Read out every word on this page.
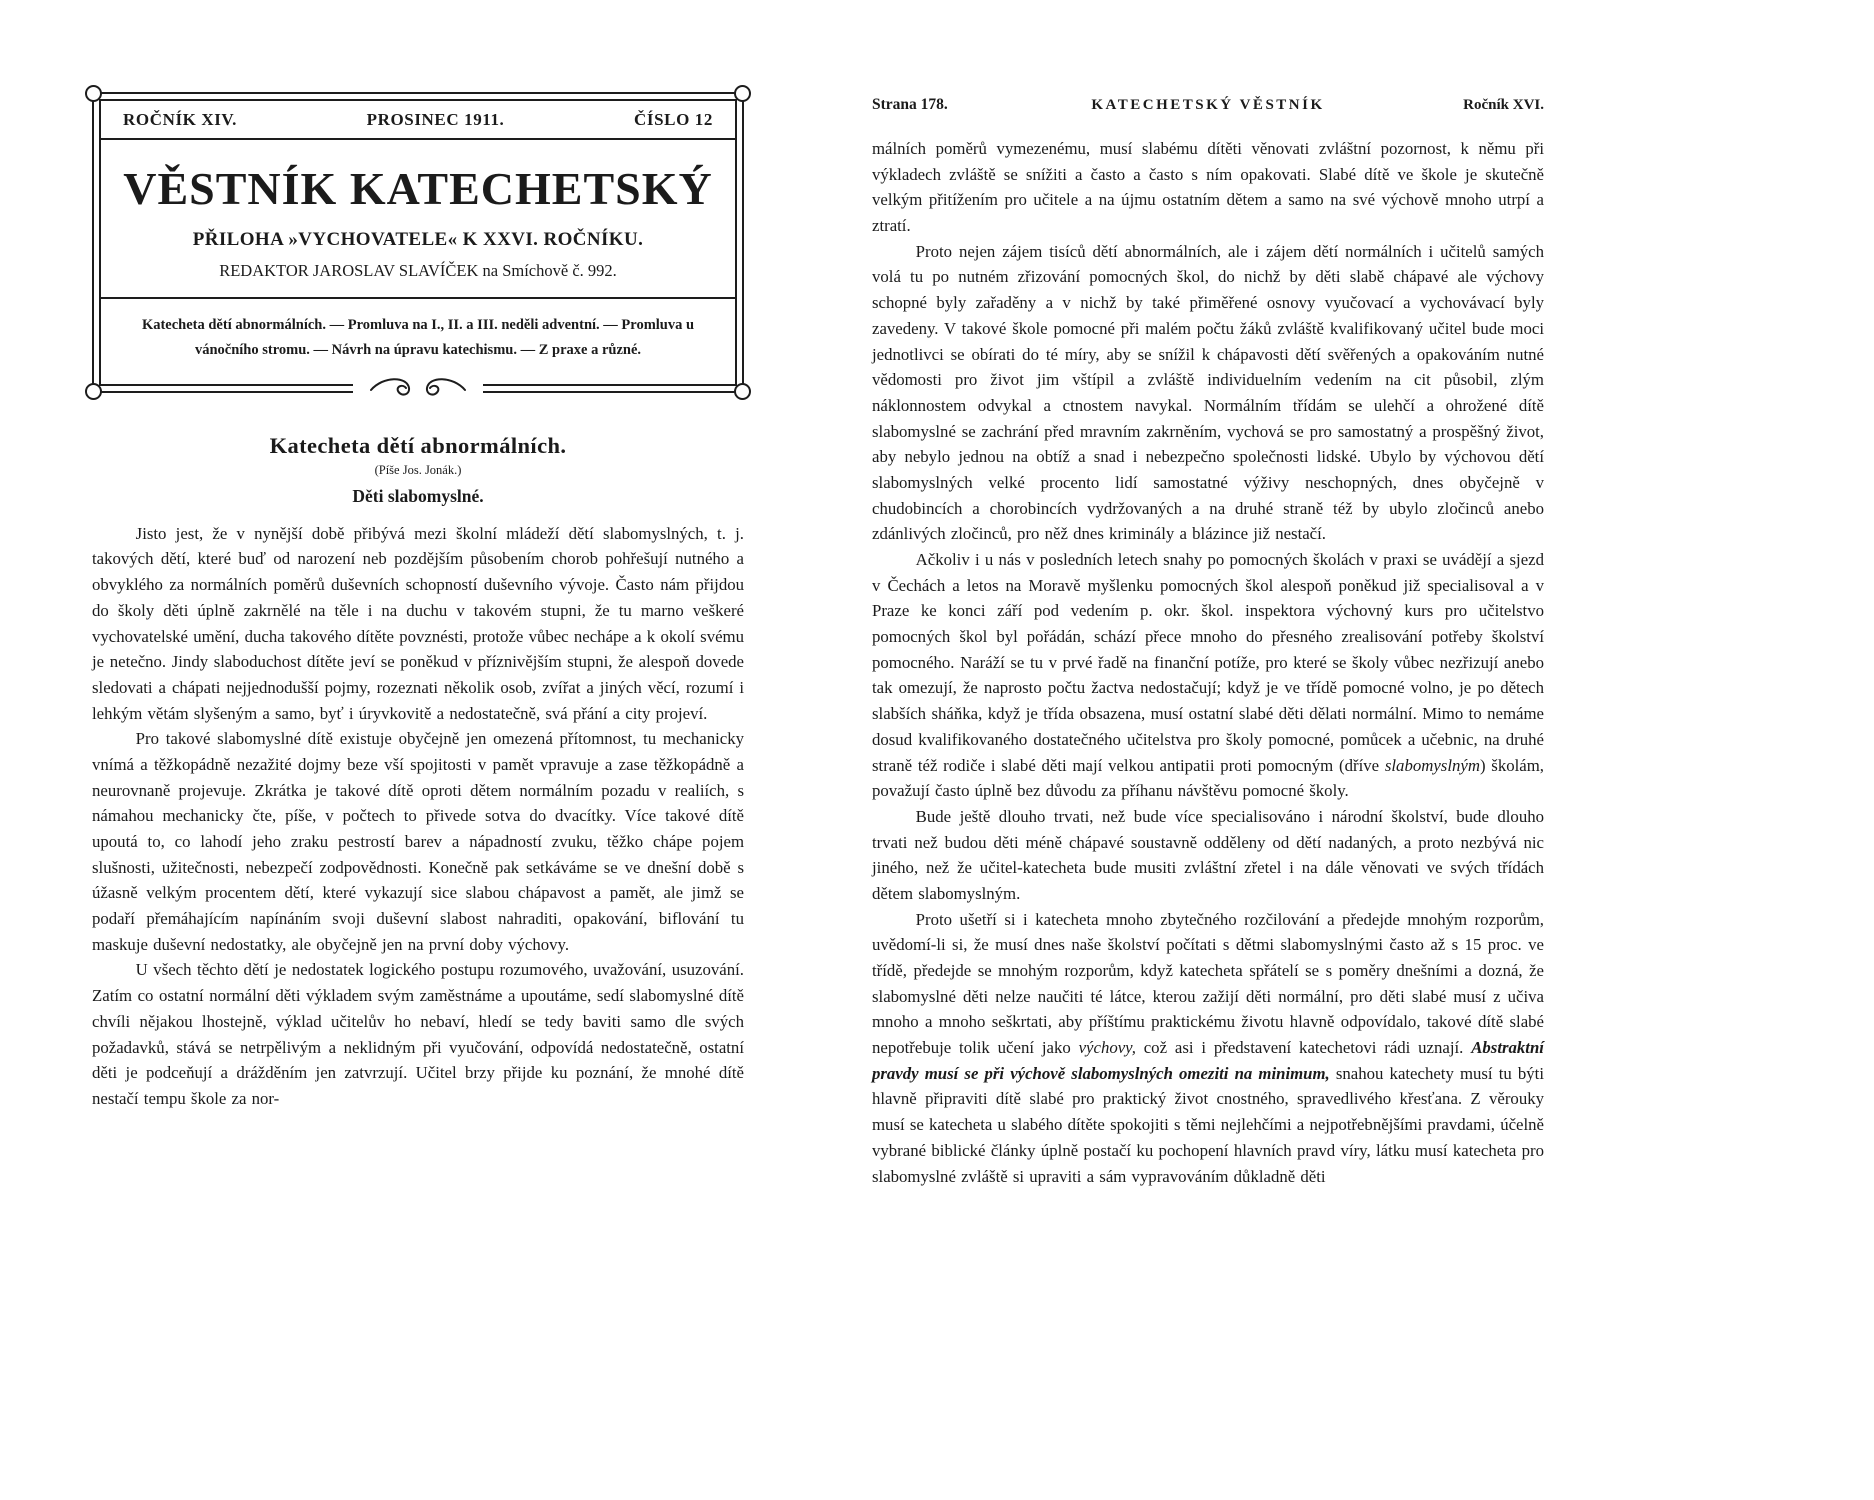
ROČNÍK XIV.	PROSINEC 1911.	ČÍSLO 12
VĚSTNÍK KATECHETSKÝ
PŘILOHA »VYCHOVATELE« K XXVI. ROČNÍKU.
REDAKTOR JAROSLAV SLAVÍČEK na Smíchově č. 992.
Katecheta dětí abnormálních. — Promluva na I., II. a III. neděli adventní. — Promluva u vánočního stromu. — Návrh na úpravu katechismu. — Z praxe a různé.
Katecheta dětí abnormálních.
(Píše Jos. Jonák.)
Děti slabomyslné.

Jisto jest, že v nynější době přibývá mezi školní mládeží dětí slabomyslných, t. j. takových dětí, které buď od narození neb pozdějším působením chorob pohřešují nutného a obvyklého za normálních poměrů duševních schopností duševního vývoje. Často nám přijdou do školy děti úplně zakrnělé na těle i na duchu v takovém stupni, že tu marno veškeré vychovatelské umění, ducha takového dítěte povznésti, protože vůbec nechápe a k okolí svému je netečno. Jindy slaboduchost dítěte jeví se poněkud v příznivějším stupni, že alespoň dovede sledovati a chápati nejjednodušší pojmy, rozeznati několik osob, zvířat a jiných věcí, rozumí i lehkým větám slyšeným a samo, byť i úryvkovitě a nedostatečně, svá přání a city projeví.

Pro takové slabomyslné dítě existuje obyčejně jen omezená přítomnost, tu mechanicky vnímá a těžkopádně nezažité dojmy beze vší spojitosti v pamět vpravuje a zase těžkopádně a neurovnaně projevuje. Zkrátka je takové dítě oproti dětem normálním pozadu v realiích, s námahou mechanicky čte, píše, v počtech to přivede sotva do dvacítky. Více takové dítě upoutá to, co lahodí jeho zraku pestrostí barev a nápadností zvuku, těžko chápe pojem slušnosti, užitečnosti, nebezpečí zodpovědnosti. Konečně pak setkáváme se ve dnešní době s úžasně velkým procentem dětí, které vykazují sice slabou chápavost a pamět, ale jimž se podaří přemáhajícím napínáním svoji duševní slabost nahraditi, opakování, biflování tu maskuje duševní nedostatky, ale obyčejně jen na první doby výchovy.

U všech těchto dětí je nedostatek logického postupu rozumového, uvažování, usuzování. Zatím co ostatní normální děti výkladem svým zaměstnáme a upoutáme, sedí slabomyslné dítě chvíli nějakou lhostejně, výklad učitelův ho nebaví, hledí se tedy baviti samo dle svých požadavků, stává se netrpělivým a neklidným při vyučování, odpovídá nedostatečně, ostatní děti je podceňují a drážděním jen zatvrzují. Učitel brzy přijde ku poznání, že mnohé dítě nestačí tempu škole za nor-

Strana 178.	KATECHETSKÝ VĚSTNÍK	Ročník XVI.

málních poměrů vymezenému, musí slabému dítěti věnovati zvláštní pozornost, k němu při výkladech zvláště se snížiti a často a často s ním opakovati. Slabé dítě ve škole je skutečně velkým přitížením pro učitele a na újmu ostatním dětem a samo na své výchově mnoho utrpí a ztratí.

Proto nejen zájem tisíců dětí abnormálních, ale i zájem dětí normálních i učitelů samých volá tu po nutném zřizování pomocných škol, do nichž by děti slabě chápavé ale výchovy schopné byly zařaděny a v nichž by také přiměřené osnovy vyučovací a vychovávací byly zavedeny. V takové škole pomocné při malém počtu žáků zvláště kvalifikovaný učitel bude moci jednotlivci se obírati do té míry, aby se snížil k chápavosti dětí svěřených a opakováním nutné vědomosti pro život jim vštípil a zvláště individuelním vedením na cit působil, zlým náklonnostem odvykal a ctnostem navykal. Normálním třídám se ulehčí a ohrožené dítě slabomyslné se zachrání před mravním zakrněním, vychová se pro samostatný a prospěšný život, aby nebylo jednou na obtíž a snad i nebezpečno společnosti lidské. Ubylo by výchovou dětí slabomyslných velké procento lidí samostatné výživy neschopných, dnes obyčejně v chudobincích a chorobincích vydržovaných a na druhé straně též by ubylo zločinců anebo zdánlivých zločinců, pro něž dnes kriminály a blázince již nestačí.

Ačkoliv i u nás v posledních letech snahy po pomocných školách v praxi se uvádějí a sjezd v Čechách a letos na Moravě myšlenku pomocných škol alespoň poněkud již specialisoval a v Praze ke konci září pod vedením p. okr. škol. inspektora výchovný kurs pro učitelstvo pomocných škol byl pořádán, schází přece mnoho do přesného zrealisování potřeby školství pomocného. Naráží se tu v prvé řadě na finanční potíže, pro které se školy vůbec nezřizují anebo tak omezují, že naprosto počtu žactva nedostačují; když je ve třídě pomocné volno, je po dětech slabších sháňka, když je třída obsazena, musí ostatní slabé děti dělati normální. Mimo to nemáme dosud kvalifikovaného dostatečného učitelstva pro školy pomocné, pomůcek a učebnic, na druhé straně též rodiče i slabé děti mají velkou antipatii proti pomocným (dříve slabomyslným) školám, považují často úplně bez důvodu za příhanu návštěvu pomocné školy.

Bude ještě dlouho trvati, než bude více specialisováno i národní školství, bude dlouho trvati než budou děti méně chápavé soustavně odděleny od dětí nadaných, a proto nezbývá nic jiného, než že učitel-katecheta bude musiti zvláštní zřetel i na dále věnovati ve svých třídách dětem slabomyslným.

Proto ušetří si i katecheta mnoho zbytečného rozčilování a předejde mnohým rozporům, uvědomí-li si, že musí dnes naše školství počítati s dětmi slabomyslnými často až s 15 proc. ve třídě, předejde se mnohým rozporům, když katecheta spřátelí se s poměry dnešními a dozná, že slabomyslné děti nelze naučiti té látce, kterou zažijí děti normální, pro děti slabé musí z učiva mnoho a mnoho seškrtati, aby příštímu praktickému životu hlavně odpovídalo, takové dítě slabé nepotřebuje tolik učení jako výchovy, což asi i představení katechetovi rádi uznají. Abstraktní pravdy musí se při výchově slabomyslných omeziti na minimum, snahou katechety musí tu býti hlavně připraviti dítě slabé pro praktický život cnostného, spravedlivého křesťana. Z věrouky musí se katecheta u slabého dítěte spokojiti s těmi nejlehčími a nejpotřebnějšími pravdami, účelně vybrané biblické články úplně postačí ku pochopení hlavních pravd víry, látku musí katecheta pro slabomyslné zvláště si upraviti a sám vypravováním důkladně děti
